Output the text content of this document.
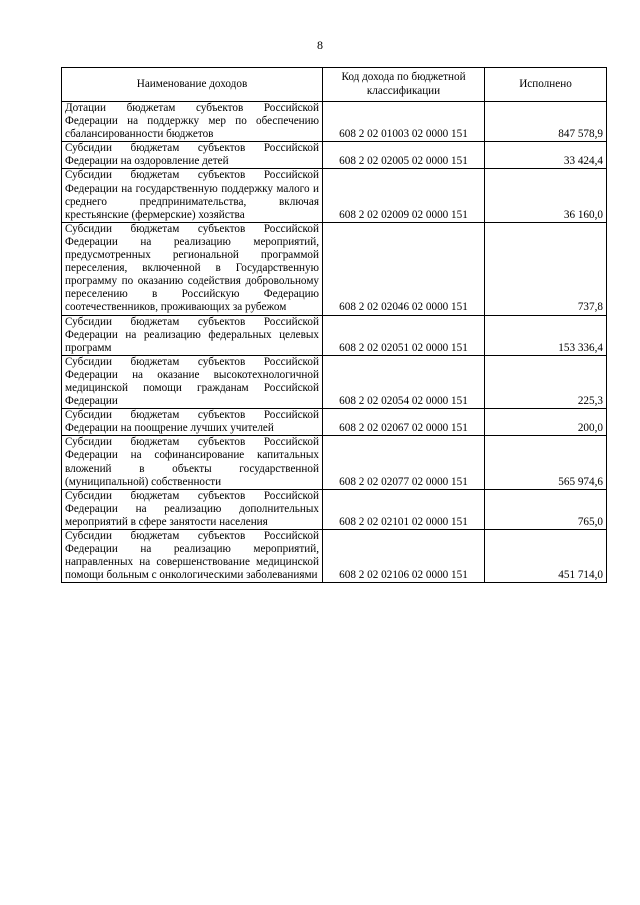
8
Наименование доходов	Код дохода по бюджетной классификации	Исполнено
Дотации бюджетам субъектов Российской Федерации на поддержку мер по обеспечению сбалансированности бюджетов	608 2 02 01003 02 0000 151	847 578,9
Субсидии бюджетам субъектов Российской Федерации на оздоровление детей	608 2 02 02005 02 0000 151	33 424,4
Субсидии бюджетам субъектов Российской Федерации на государственную поддержку малого и среднего предпринимательства, включая крестьянские (фермерские) хозяйства	608 2 02 02009 02 0000 151	36 160,0
Субсидии бюджетам субъектов Российской Федерации на реализацию мероприятий, предусмотренных региональной программой переселения, включенной в Государственную программу по оказанию содействия добровольному переселению в Российскую Федерацию соотечественников, проживающих за рубежом	608 2 02 02046 02 0000 151	737,8
Субсидии бюджетам субъектов Российской Федерации на реализацию федеральных целевых программ	608 2 02 02051 02 0000 151	153 336,4
Субсидии бюджетам субъектов Российской Федерации на оказание высокотехнологичной медицинской помощи гражданам Российской Федерации	608 2 02 02054 02 0000 151	225,3
Субсидии бюджетам субъектов Российской Федерации на поощрение лучших учителей	608 2 02 02067 02 0000 151	200,0
Субсидии бюджетам субъектов Российской Федерации на софинансирование капитальных вложений в объекты государственной (муниципальной) собственности	608 2 02 02077 02 0000 151	565 974,6
Субсидии бюджетам субъектов Российской Федерации на реализацию дополнительных мероприятий в сфере занятости населения	608 2 02 02101 02 0000 151	765,0
Субсидии бюджетам субъектов Российской Федерации на реализацию мероприятий, направленных на совершенствование медицинской помощи больным с онкологическими заболеваниями	608 2 02 02106 02 0000 151	451 714,0
